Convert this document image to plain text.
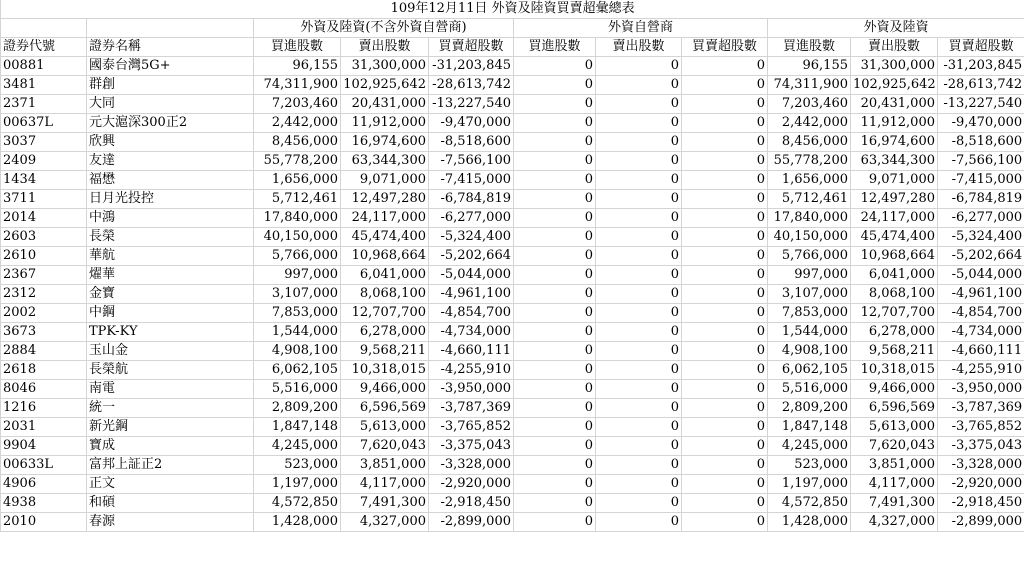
109年12月11日 外資及陸資買賣超彙總表										
		外資及陸資(不含外資自營商)			外資自營商			外資及陸資		
證券代號	證券名稱	買進股數	賣出股數	買賣超股數	買進股數	賣出股數	買賣超股數	買進股數	賣出股數	買賣超股數
00881	國泰台灣5G+	96,155	31,300,000	-31,203,845	0	0	0	96,155	31,300,000	-31,203,845
3481	群創	74,311,900	102,925,642	-28,613,742	0	0	0	74,311,900	102,925,642	-28,613,742
2371	大同	7,203,460	20,431,000	-13,227,540	0	0	0	7,203,460	20,431,000	-13,227,540
00637L	元大滬深300正2	2,442,000	11,912,000	-9,470,000	0	0	0	2,442,000	11,912,000	-9,470,000
3037	欣興	8,456,000	16,974,600	-8,518,600	0	0	0	8,456,000	16,974,600	-8,518,600
2409	友達	55,778,200	63,344,300	-7,566,100	0	0	0	55,778,200	63,344,300	-7,566,100
1434	福懋	1,656,000	9,071,000	-7,415,000	0	0	0	1,656,000	9,071,000	-7,415,000
3711	日月光投控	5,712,461	12,497,280	-6,784,819	0	0	0	5,712,461	12,497,280	-6,784,819
2014	中鴻	17,840,000	24,117,000	-6,277,000	0	0	0	17,840,000	24,117,000	-6,277,000
2603	長榮	40,150,000	45,474,400	-5,324,400	0	0	0	40,150,000	45,474,400	-5,324,400
2610	華航	5,766,000	10,968,664	-5,202,664	0	0	0	5,766,000	10,968,664	-5,202,664
2367	燿華	997,000	6,041,000	-5,044,000	0	0	0	997,000	6,041,000	-5,044,000
2312	金寶	3,107,000	8,068,100	-4,961,100	0	0	0	3,107,000	8,068,100	-4,961,100
2002	中鋼	7,853,000	12,707,700	-4,854,700	0	0	0	7,853,000	12,707,700	-4,854,700
3673	TPK-KY	1,544,000	6,278,000	-4,734,000	0	0	0	1,544,000	6,278,000	-4,734,000
2884	玉山金	4,908,100	9,568,211	-4,660,111	0	0	0	4,908,100	9,568,211	-4,660,111
2618	長榮航	6,062,105	10,318,015	-4,255,910	0	0	0	6,062,105	10,318,015	-4,255,910
8046	南電	5,516,000	9,466,000	-3,950,000	0	0	0	5,516,000	9,466,000	-3,950,000
1216	統一	2,809,200	6,596,569	-3,787,369	0	0	0	2,809,200	6,596,569	-3,787,369
2031	新光鋼	1,847,148	5,613,000	-3,765,852	0	0	0	1,847,148	5,613,000	-3,765,852
9904	寶成	4,245,000	7,620,043	-3,375,043	0	0	0	4,245,000	7,620,043	-3,375,043
00633L	富邦上証正2	523,000	3,851,000	-3,328,000	0	0	0	523,000	3,851,000	-3,328,000
4906	正文	1,197,000	4,117,000	-2,920,000	0	0	0	1,197,000	4,117,000	-2,920,000
4938	和碩	4,572,850	7,491,300	-2,918,450	0	0	0	4,572,850	7,491,300	-2,918,450
2010	春源	1,428,000	4,327,000	-2,899,000	0	0	0	1,428,000	4,327,000	-2,899,000
